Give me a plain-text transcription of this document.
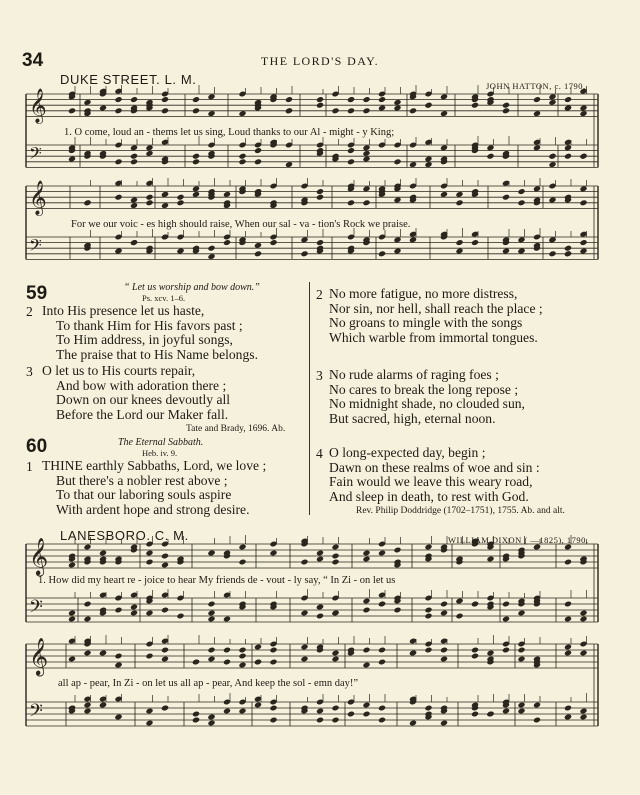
𝄞
𝄢
𝄞
𝄢
𝄞
𝄢
𝄞
𝄢
34	THE LORD'S DAY.
DUKE STREET. L. M.	JOHN HATTON, c. 1790.
1. O come, loud an - thems let us sing, Loud thanks to our Al - might - y King;
For we our voic - es high should raise, When our sal - va - tion's Rock we praise.
59	“ Let us worship and bow down.”
Ps. xcv. 1–6.
2 Into His presence let us haste,
To thank Him for His favors past ;
To Him address, in joyful songs,
The praise that to His Name belongs.
3 O let us to His courts repair,
And bow with adoration there ;
Down on our knees devoutly all
Before the Lord our Maker fall.
Tate and Brady, 1696. Ab.
60	The Eternal Sabbath.
Heb. iv. 9.
1 THINE earthly Sabbaths, Lord, we love ;
But there's a nobler rest above ;
To that our laboring souls aspire
With ardent hope and strong desire.
2 No more fatigue, no more distress,
Nor sin, nor hell, shall reach the place ;
No groans to mingle with the songs
Which warble from immortal tongues.
3 No rude alarms of raging foes ;
No cares to break the long repose ;
No midnight shade, no clouded sun,
But sacred, high, eternal noon.
4 O long-expected day, begin ;
Dawn on these realms of woe and sin :
Fain would we leave this weary road,
And sleep in death, to rest with God.
Rev. Philip Doddridge (1702–1751), 1755. Ab. and alt.
LANESBORO. C. M.	WILLIAM DIXON ( —1825), 1790.
1. How did my heart re - joice to hear My friends de - vout - ly say, “ In Zi - on let us
all ap - pear, In Zi - on let us all ap - pear, And keep the sol - emn day!”
